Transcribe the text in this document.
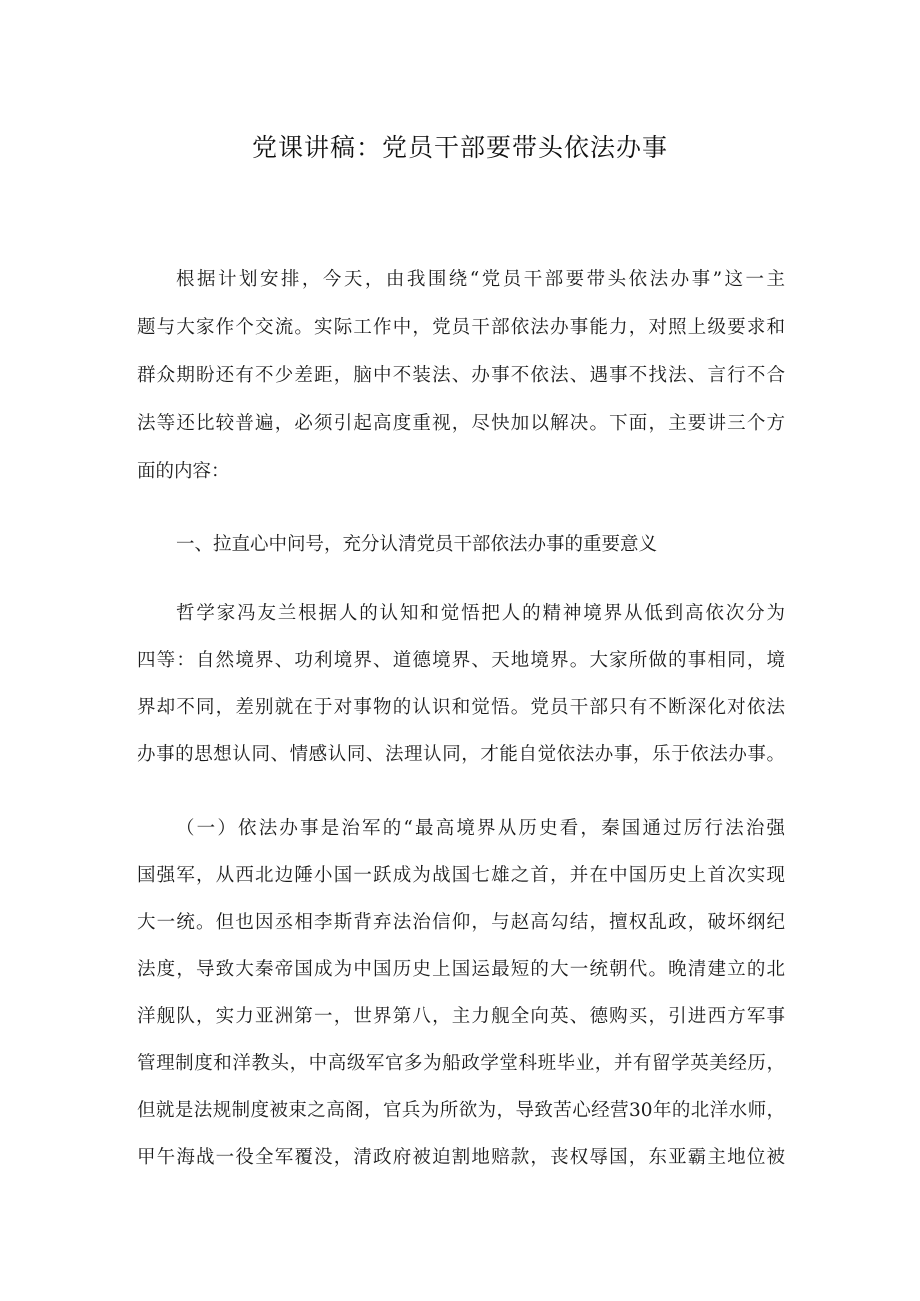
党课讲稿：党员干部要带头依法办事
根据计划安排，今天，由我围绕“党员干部要带头依法办事”这一主
题与大家作个交流。实际工作中，党员干部依法办事能力，对照上级要求和
群众期盼还有不少差距，脑中不装法、办事不依法、遇事不找法、言行不合
法等还比较普遍，必须引起高度重视，尽快加以解决。下面，主要讲三个方
面的内容：
一、拉直心中问号，充分认清党员干部依法办事的重要意义
哲学家冯友兰根据人的认知和觉悟把人的精神境界从低到高依次分为
四等：自然境界、功利境界、道德境界、天地境界。大家所做的事相同，境
界却不同，差别就在于对事物的认识和觉悟。党员干部只有不断深化对依法
办事的思想认同、情感认同、法理认同，才能自觉依法办事，乐于依法办事。
（一）依法办事是治军的“最高境界从历史看，秦国通过厉行法治强
国强军，从西北边陲小国一跃成为战国七雄之首，并在中国历史上首次实现
大一统。但也因丞相李斯背弃法治信仰，与赵高勾结，擅权乱政，破坏纲纪
法度，导致大秦帝国成为中国历史上国运最短的大一统朝代。晚清建立的北
洋舰队，实力亚洲第一，世界第八，主力舰全向英、德购买，引进西方军事
管理制度和洋教头，中高级军官多为船政学堂科班毕业，并有留学英美经历，
但就是法规制度被束之高阁，官兵为所欲为，导致苦心经营30年的北洋水师，
甲午海战一役全军覆没，清政府被迫割地赔款，丧权辱国，东亚霸主地位被
